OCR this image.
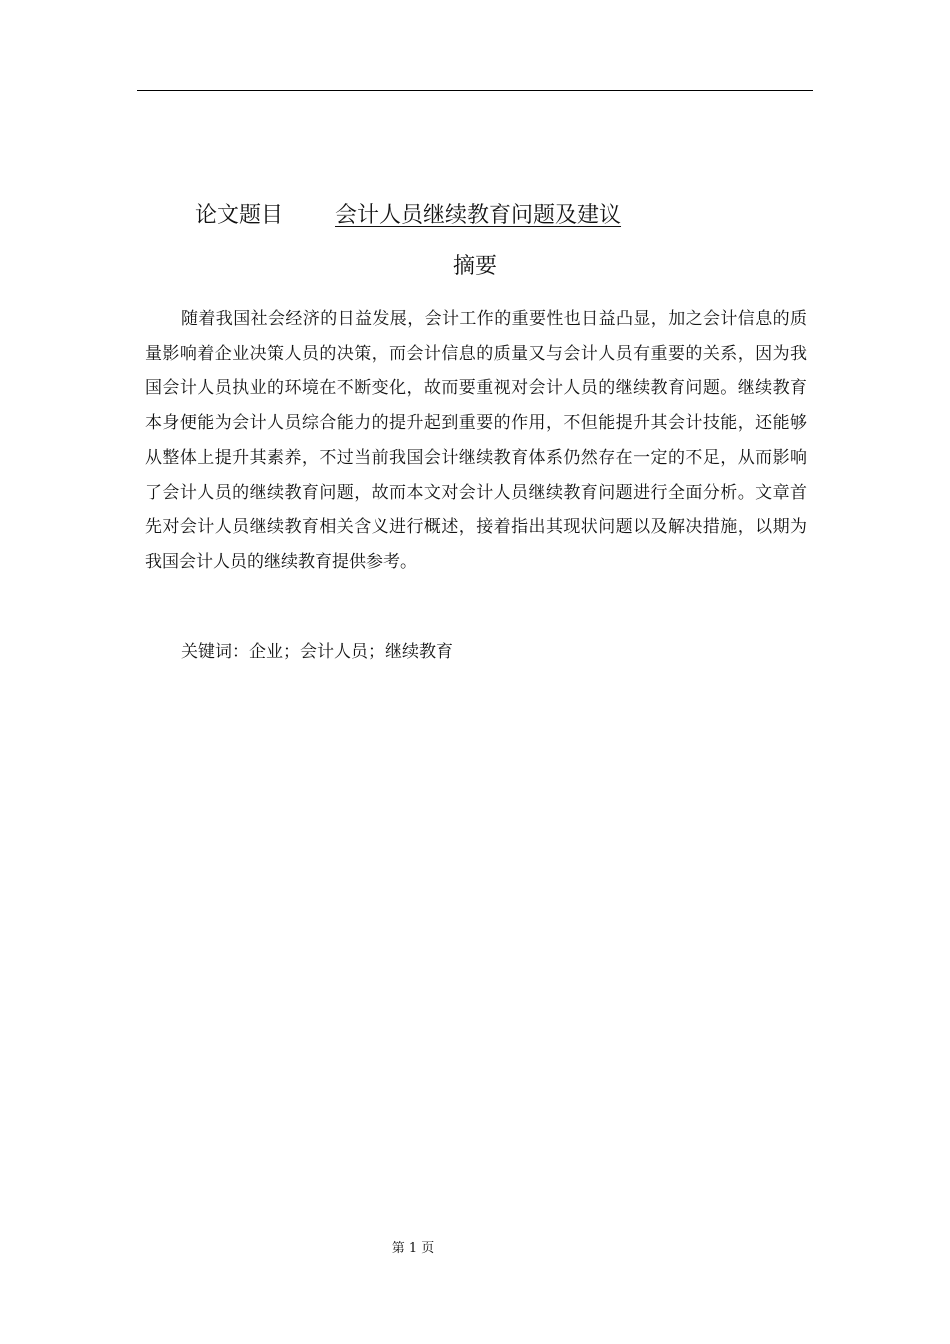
论文题目 会计人员继续教育问题及建议
摘要

随着我国社会经济的日益发展，会计工作的重要性也日益凸显，加之会计信息的质量影响着企业决策人员的决策，而会计信息的质量又与会计人员有重要的关系，因为我国会计人员执业的环境在不断变化，故而要重视对会计人员的继续教育问题。继续教育本身便能为会计人员综合能力的提升起到重要的作用，不但能提升其会计技能，还能够从整体上提升其素养，不过当前我国会计继续教育体系仍然存在一定的不足，从而影响了会计人员的继续教育问题，故而本文对会计人员继续教育问题进行全面分析。文章首先对会计人员继续教育相关含义进行概述，接着指出其现状问题以及解决措施，以期为我国会计人员的继续教育提供参考。

关键词：企业；会计人员；继续教育
第 1 页
